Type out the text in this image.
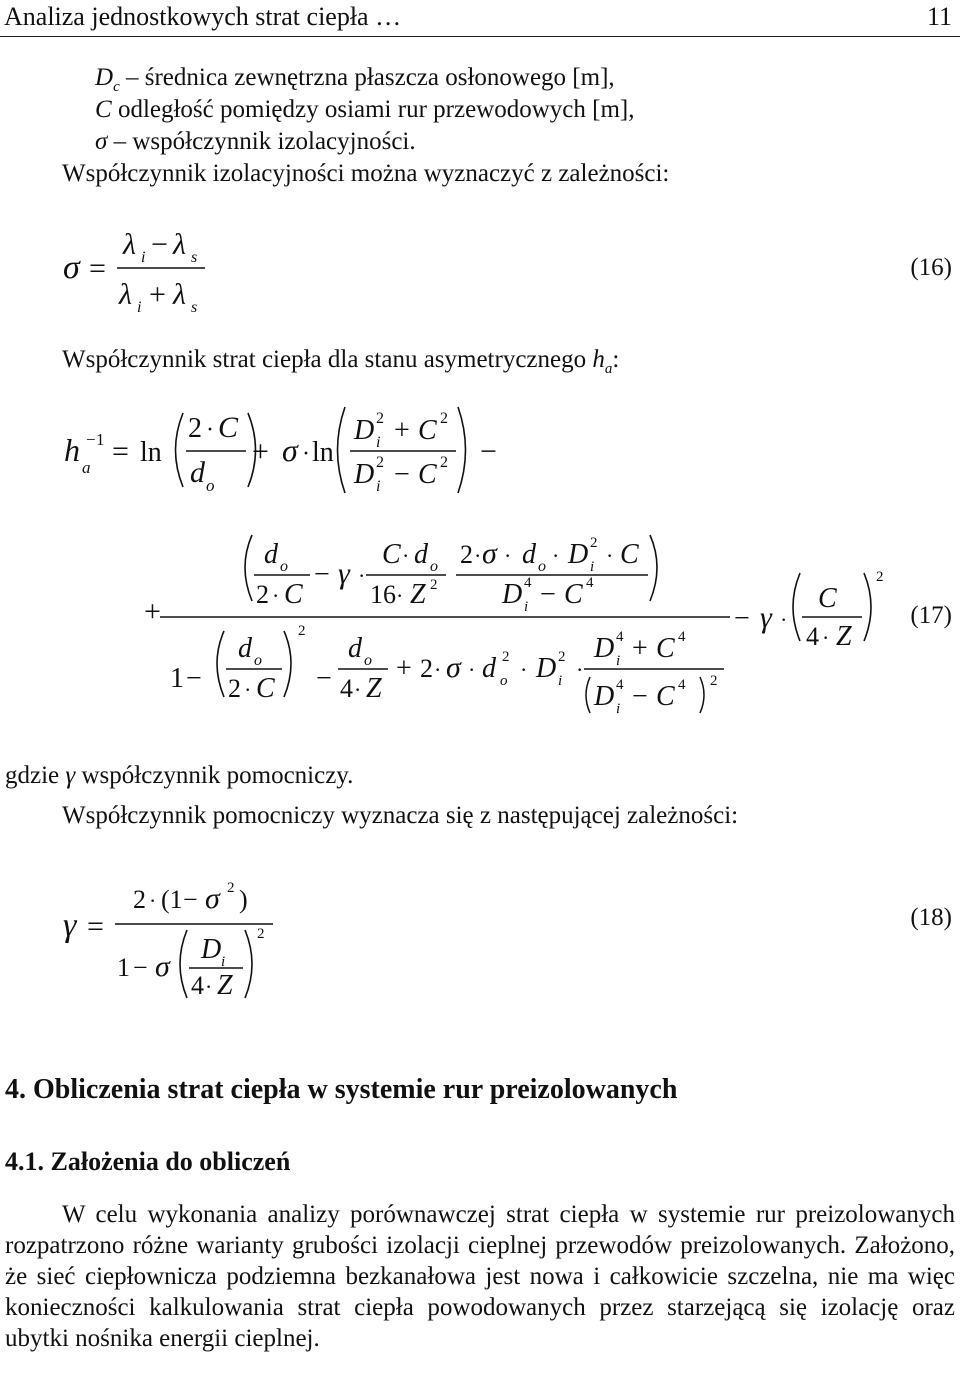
Analiza jednostkowych strat ciepła …	11
$D_c$ – średnica zewnętrzna płaszcza osłonowego [m],
C odległość pomiędzy osiami rur przewodowych [m],
σ – współczynnik izolacyjności.
Współczynnik izolacyjności można wyznaczyć z zależności:
σ =
λ i − λ s
λ i + λ s
(16)
Współczynnik strat ciepła dla stanu asymetrycznego $h_a$:
h a
− 1 = ln
2 · C
d o
+ σ · ln
D 2
i + C 2
D 2
i − C 2 −
+
d o
2 · C
− γ ·
C · d o
16 · Z 2
2 · σ · d o · D 2
i · C
D 4
i − C 4
1 −
d o
2 · C
2
−
d o
4 · Z
+ 2 · σ · d 2
o · D 2
i ·
D 4
i + C 4
D 4
i − C 4 2
− γ ·
C
4 · Z
2
(17)
gdzie γ współczynnik pomocniczy.
Współczynnik pomocniczy wyznacza się z następującej zależności:
γ =
2 · (1 − σ 2 )
1 − σ
D i
4 · Z
2
(18)
4. Obliczenia strat ciepła w systemie rur preizolowanych
4.1. Założenia do obliczeń
W celu wykonania analizy porównawczej strat ciepła w systemie rur preizolowanych rozpatrzono różne warianty grubości izolacji cieplnej przewodów preizolowanych. Założono, że sieć ciepłownicza podziemna bezkanałowa jest nowa i całkowicie szczelna, nie ma więc konieczności kalkulowania strat ciepła powodowanych przez starzejącą się izolację oraz ubytki nośnika energii cieplnej.
